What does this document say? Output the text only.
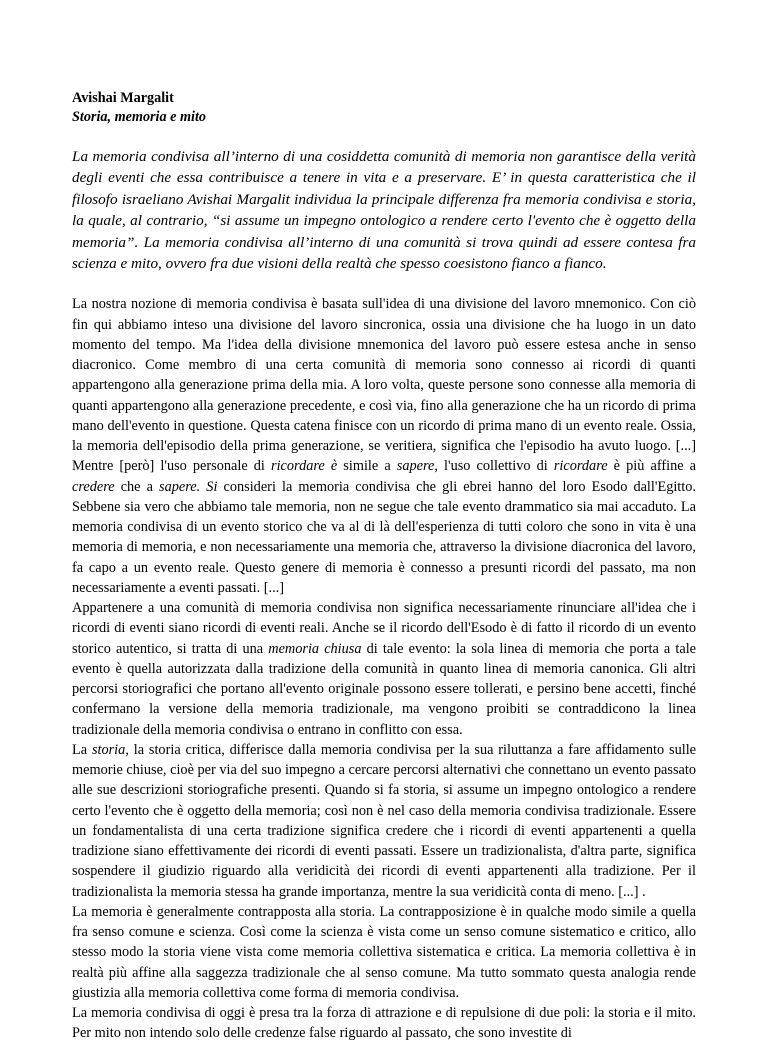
Avishai Margalit

Storia, memoria e mito

La memoria condivisa all’interno di una cosiddetta comunità di memoria non garantisce della verità degli eventi che essa contribuisce a tenere in vita e a preservare. E’ in questa caratteristica che il filosofo israeliano Avishai Margalit individua la principale differenza fra memoria condivisa e storia, la quale, al contrario, “si assume un impegno ontologico a rendere certo l'evento che è oggetto della memoria”. La memoria condivisa all’interno di una comunità si trova quindi ad essere contesa fra scienza e mito, ovvero fra due visioni della realtà che spesso coesistono fianco a fianco.

La nostra nozione di memoria condivisa è basata sull'idea di una divisione del lavoro mnemonico. Con ciò fin qui abbiamo inteso una divisione del lavoro sincronica, ossia una divisione che ha luogo in un dato momento del tempo. Ma l'idea della divisione mnemonica del lavoro può essere estesa anche in senso diacronico. Come membro di una certa comunità di memoria sono connesso ai ricordi di quanti appartengono alla generazione prima della mia. A loro volta, queste persone sono connesse alla memoria di quanti appartengono alla generazione precedente, e così via, fino alla generazione che ha un ricordo di prima mano dell'evento in questione. Questa catena finisce con un ricordo di prima mano di un evento reale. Ossia, la memoria dell'episodio della prima generazione, se veritiera, significa che l'episodio ha avuto luogo. [...] Mentre [però] l'uso personale di ricordare è simile a sapere, l'uso collettivo di ricordare è più affine a credere che a sapere. Si consideri la memoria condivisa che gli ebrei hanno del loro Esodo dall'Egitto. Sebbene sia vero che abbiamo tale memoria, non ne segue che tale evento drammatico sia mai accaduto. La memoria condivisa di un evento storico che va al di là dell'esperienza di tutti coloro che sono in vita è una memoria di memoria, e non necessariamente una memoria che, attraverso la divisione diacronica del lavoro, fa capo a un evento reale. Questo genere di memoria è connesso a presunti ricordi del passato, ma non necessariamente a eventi passati. [...]

Appartenere a una comunità di memoria condivisa non significa necessariamente rinunciare all'idea che i ricordi di eventi siano ricordi di eventi reali. Anche se il ricordo dell'Esodo è di fatto il ricordo di un evento storico autentico, si tratta di una memoria chiusa di tale evento: la sola linea di memoria che porta a tale evento è quella autorizzata dalla tradizione della comunità in quanto linea di memoria canonica. Gli altri percorsi storiografici che portano all'evento originale possono essere tollerati, e persino bene accetti, finché confermano la versione della memoria tradizionale, ma vengono proibiti se contraddicono la linea tradizionale della memoria condivisa o entrano in conflitto con essa.

La storia, la storia critica, differisce dalla memoria condivisa per la sua riluttanza a fare affidamento sulle memorie chiuse, cioè per via del suo impegno a cercare percorsi alternativi che connettano un evento passato alle sue descrizioni storiografiche presenti. Quando si fa storia, si assume un impegno ontologico a rendere certo l'evento che è oggetto della memoria; così non è nel caso della memoria condivisa tradizionale. Essere un fondamentalista di una certa tradizione significa credere che i ricordi di eventi appartenenti a quella tradizione siano effettivamente dei ricordi di eventi passati. Essere un tradizionalista, d'altra parte, significa sospendere il giudizio riguardo alla veridicità dei ricordi di eventi appartenenti alla tradizione. Per il tradizionalista la memoria stessa ha grande importanza, mentre la sua veridicità conta di meno. [...] .

La memoria è generalmente contrapposta alla storia. La contrapposizione è in qualche modo simile a quella fra senso comune e scienza. Così come la scienza è vista come un senso comune sistematico e critico, allo stesso modo la storia viene vista come memoria collettiva sistematica e critica. La memoria collettiva è in realtà più affine alla saggezza tradizionale che al senso comune. Ma tutto sommato questa analogia rende giustizia alla memoria collettiva come forma di memoria condivisa.

La memoria condivisa di oggi è presa tra la forza di attrazione e di repulsione di due poli: la storia e il mito. Per mito non intendo solo delle credenze false riguardo al passato, che sono investite di
